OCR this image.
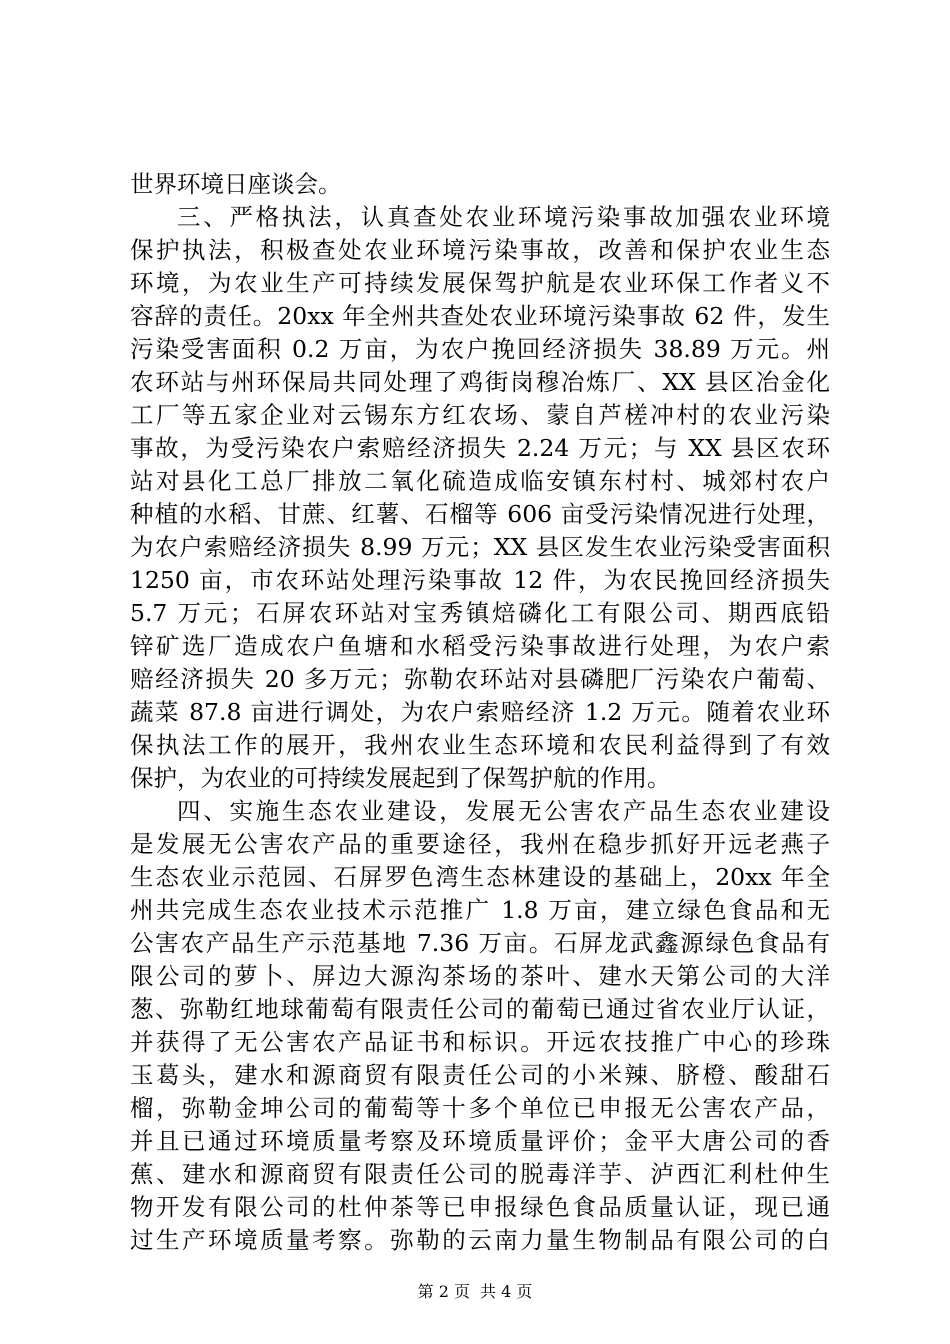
世界环境日座谈会。
三、严格执法，认真查处农业环境污染事故加强农业环境
保护执法，积极查处农业环境污染事故，改善和保护农业生态
环境，为农业生产可持续发展保驾护航是农业环保工作者义不
容辞的责任。20xx 年全州共查处农业环境污染事故 62 件，发生
污染受害面积 0.2 万亩，为农户挽回经济损失 38.89 万元。州
农环站与州环保局共同处理了鸡街岗穆冶炼厂、XX 县区冶金化
工厂等五家企业对云锡东方红农场、蒙自芦槎冲村的农业污染
事故，为受污染农户索赔经济损失 2.24 万元；与 XX 县区农环
站对县化工总厂排放二氧化硫造成临安镇东村村、城郊村农户
种植的水稻、甘蔗、红薯、石榴等 606 亩受污染情况进行处理，
为农户索赔经济损失 8.99 万元；XX 县区发生农业污染受害面积
1250 亩，市农环站处理污染事故 12 件，为农民挽回经济损失
5.7 万元；石屏农环站对宝秀镇焙磷化工有限公司、期西底铅
锌矿选厂造成农户鱼塘和水稻受污染事故进行处理，为农户索
赔经济损失 20 多万元；弥勒农环站对县磷肥厂污染农户葡萄、
蔬菜 87.8 亩进行调处，为农户索赔经济 1.2 万元。随着农业环
保执法工作的展开，我州农业生态环境和农民利益得到了有效
保护，为农业的可持续发展起到了保驾护航的作用。
四、实施生态农业建设，发展无公害农产品生态农业建设
是发展无公害农产品的重要途径，我州在稳步抓好开远老燕子
生态农业示范园、石屏罗色湾生态林建设的基础上，20xx 年全
州共完成生态农业技术示范推广 1.8 万亩，建立绿色食品和无
公害农产品生产示范基地 7.36 万亩。石屏龙武鑫源绿色食品有
限公司的萝卜、屏边大源沟茶场的茶叶、建水天第公司的大洋
葱、弥勒红地球葡萄有限责任公司的葡萄已通过省农业厅认证，
并获得了无公害农产品证书和标识。开远农技推广中心的珍珠
玉葛头，建水和源商贸有限责任公司的小米辣、脐橙、酸甜石
榴，弥勒金坤公司的葡萄等十多个单位已申报无公害农产品，
并且已通过环境质量考察及环境质量评价；金平大唐公司的香
蕉、建水和源商贸有限责任公司的脱毒洋芋、泸西汇利杜仲生
物开发有限公司的杜仲茶等已申报绿色食品质量认证，现已通
过生产环境质量考察。弥勒的云南力量生物制品有限公司的白
第 2 页 共 4 页
